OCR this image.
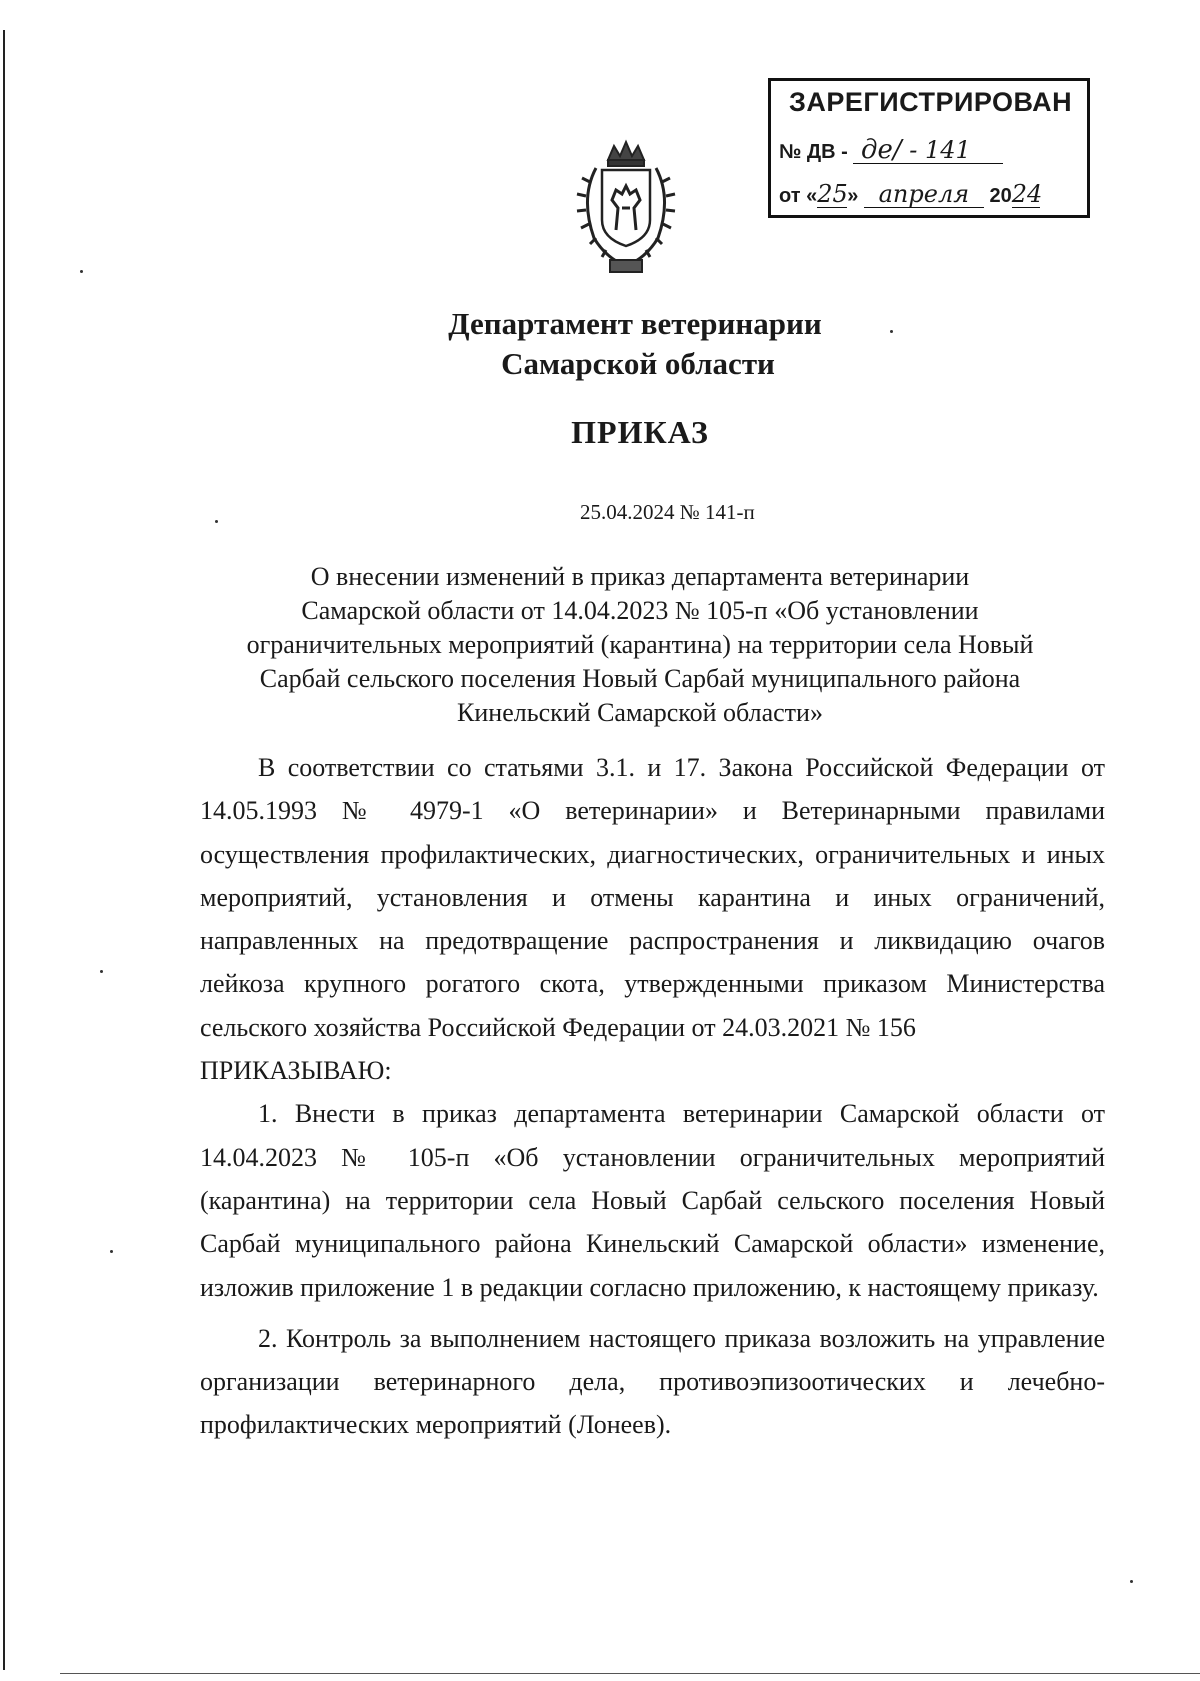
ЗАРЕГИСТРИРОВАН
№ ДВ - де/ - 141
от «25» апреля 2024
Департамент ветеринарии
Самарской области
ПРИКАЗ
25.04.2024 № 141-п
О внесении изменений в приказ департамента ветеринарии
Самарской области от 14.04.2023 № 105-п «Об установлении
ограничительных мероприятий (карантина) на территории села Новый
Сарбай сельского поселения Новый Сарбай муниципального района
Кинельский Самарской области»

В соответствии со статьями 3.1. и 17. Закона Российской Федерации от 14.05.1993 № 4979-1 «О ветеринарии» и Ветеринарными правилами осуществления профилактических, диагностических, ограничительных и иных мероприятий, установления и отмены карантина и иных ограничений, направленных на предотвращение распространения и ликвидацию очагов лейкоза крупного рогатого скота, утвержденными приказом Министерства сельского хозяйства Российской Федерации от 24.03.2021 № 156

ПРИКАЗЫВАЮ:

1. Внести в приказ департамента ветеринарии Самарской области от 14.04.2023 № 105-п «Об установлении ограничительных мероприятий (карантина) на территории села Новый Сарбай сельского поселения Новый Сарбай муниципального района Кинельский Самарской области» изменение, изложив приложение 1 в редакции согласно приложению, к настоящему приказу.

2. Контроль за выполнением настоящего приказа возложить на управление организации ветеринарного дела, противоэпизоотических и лечебно-профилактических мероприятий (Лонеев).
